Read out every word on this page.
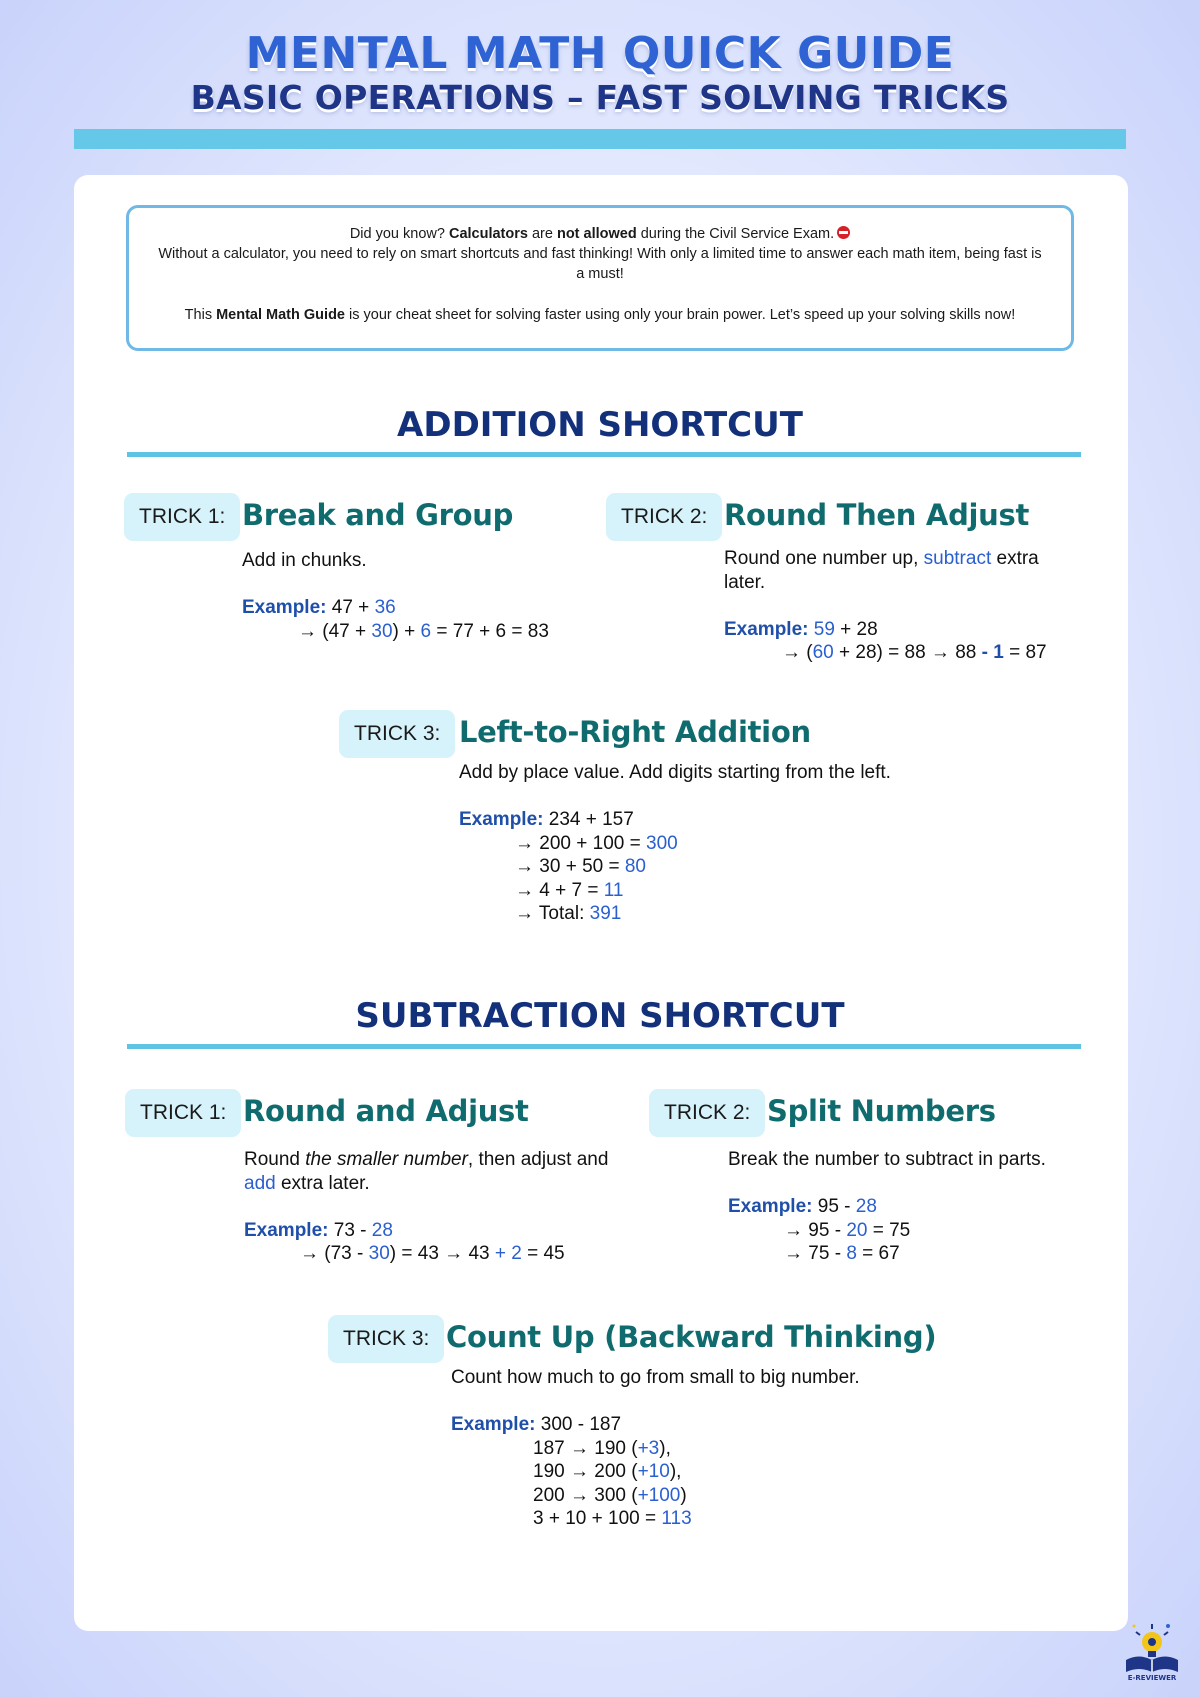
MENTAL MATH QUICK GUIDE
BASIC OPERATIONS – FAST SOLVING TRICKS

Did you know? Calculators are not allowed during the Civil Service Exam.

Without a calculator, you need to rely on smart shortcuts and fast thinking! With only a limited time to answer each math item, being fast is a must!

This Mental Math Guide is your cheat sheet for solving faster using only your brain power. Let’s speed up your solving skills now!

ADDITION SHORTCUT
TRICK 1: Break and Group

Add in chunks.

Example: 47 + 36

→ (47 + 30) + 6 = 77 + 6 = 83

TRICK 2: Round Then Adjust

Round one number up, subtract extra later.

Example: 59 + 28

→ (60 + 28) = 88 → 88 - 1 = 87

TRICK 3: Left-to-Right Addition

Add by place value. Add digits starting from the left.

Example: 234 + 157

→ 200 + 100 = 300

→ 30 + 50 = 80

→ 4 + 7 = 11

→ Total: 391

SUBTRACTION SHORTCUT
TRICK 1: Round and Adjust

Round the smaller number, then adjust and add extra later.

Example: 73 - 28

→ (73 - 30) = 43 → 43 + 2 = 45

TRICK 2: Split Numbers

Break the number to subtract in parts.

Example: 95 - 28

→ 95 - 20 = 75

→ 75 - 8 = 67

TRICK 3: Count Up (Backward Thinking)

Count how much to go from small to big number.

Example: 300 - 187

187 → 190 (+3),

190 → 200 (+10),

200 → 300 (+100)

3 + 10 + 100 = 113

E-REVIEWER
